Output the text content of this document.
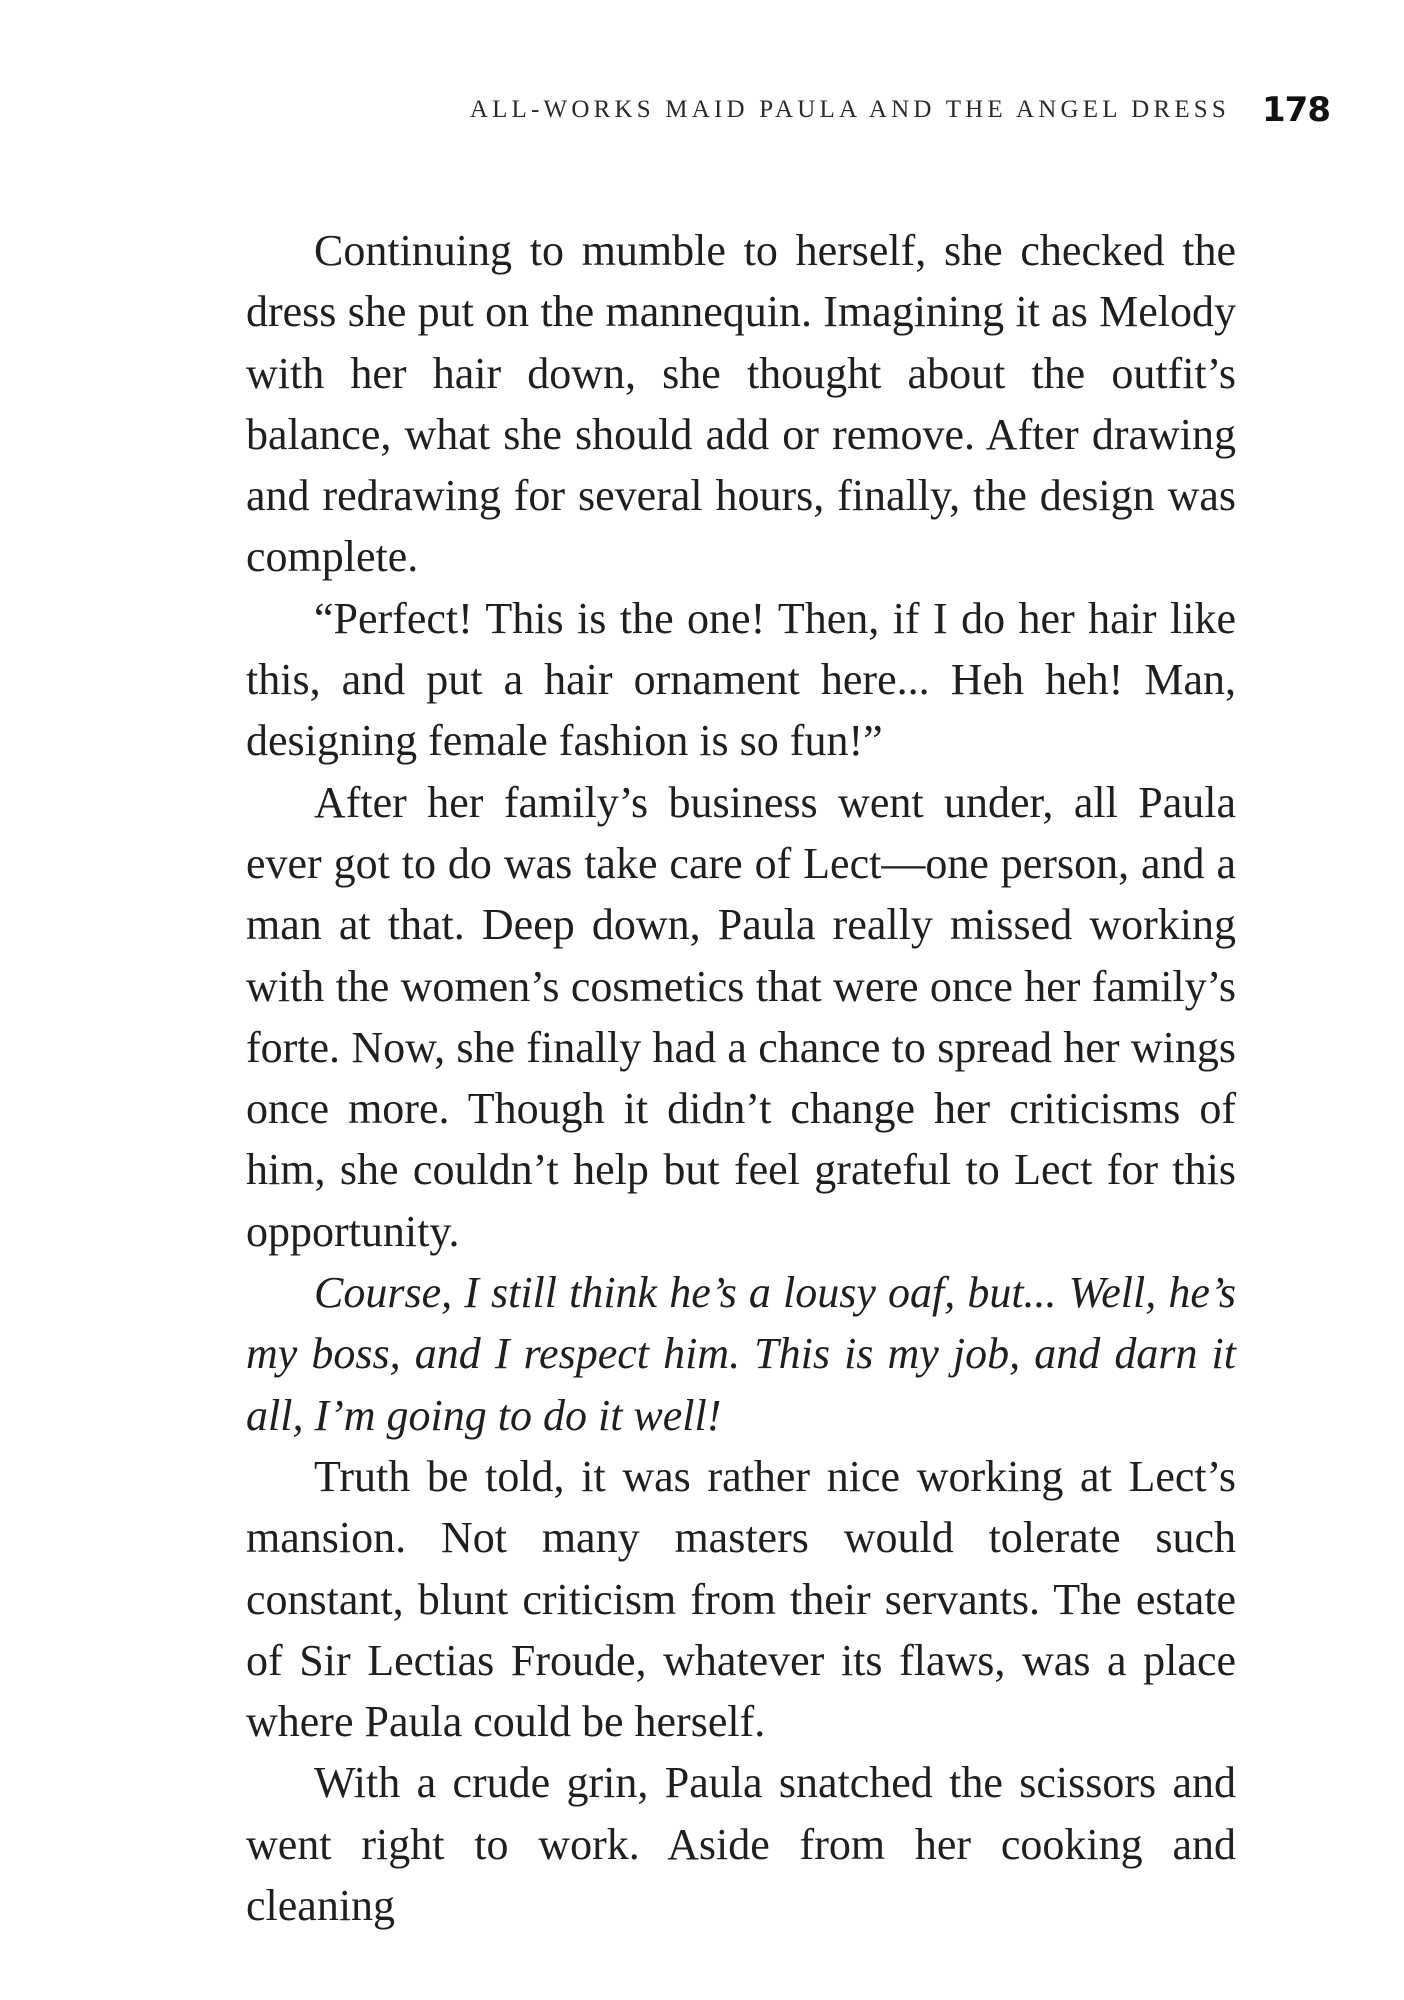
ALL-WORKS MAID PAULA AND THE ANGEL DRESS 178

Continuing to mumble to herself, she checked the dress she put on the mannequin. Imagining it as Melody with her hair down, she thought about the outfit’s balance, what she should add or remove. After drawing and redrawing for several hours, finally, the design was complete.

“Perfect! This is the one! Then, if I do her hair like this, and put a hair ornament here... Heh heh! Man, designing female fashion is so fun!”

After her family’s business went under, all Paula ever got to do was take care of Lect—one person, and a man at that. Deep down, Paula really missed working with the women’s cosmetics that were once her family’s forte. Now, she finally had a chance to spread her wings once more. Though it didn’t change her criticisms of him, she couldn’t help but feel grateful to Lect for this opportunity.

Course, I still think he’s a lousy oaf, but... Well, he’s my boss, and I respect him. This is my job, and darn it all, I’m going to do it well!

Truth be told, it was rather nice working at Lect’s mansion. Not many masters would tolerate such constant, blunt criticism from their servants. The estate of Sir Lectias Froude, whatever its flaws, was a place where Paula could be herself.

With a crude grin, Paula snatched the scissors and went right to work. Aside from her cooking and cleaning
